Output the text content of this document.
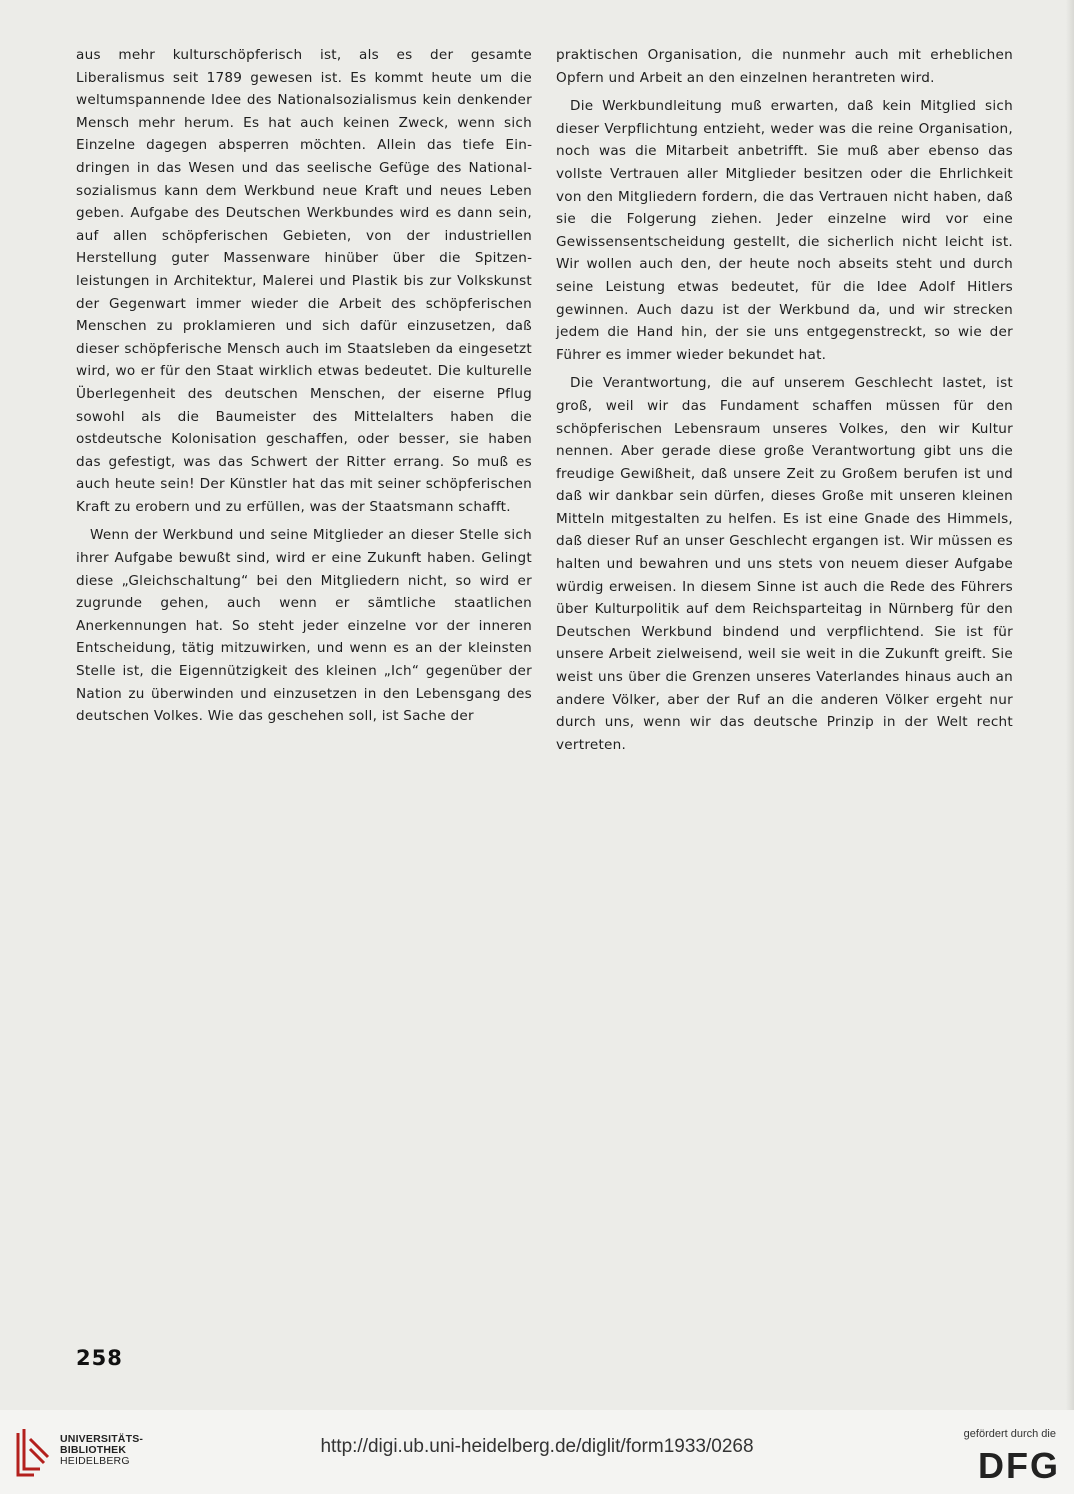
aus mehr kulturschöpferisch ist, als es der gesamte Liberalismus seit 1789 gewesen ist. Es kommt heute um die weltumspannende Idee des Nationalsozialismus kein denkender Mensch mehr herum. Es hat auch keinen Zweck, wenn sich Einzelne dagegen absperren möchten. Allein das tiefe Eindringen in das Wesen und das seelische Gefüge des Nationalsozialismus kann dem Werkbund neue Kraft und neues Leben geben. Aufgabe des Deutschen Werkbundes wird es dann sein, auf allen schöpferischen Gebieten, von der industriellen Herstellung guter Massenware hinüber über die Spitzenleistungen in Architektur, Malerei und Plastik bis zur Volkskunst der Gegenwart immer wieder die Arbeit des schöpferischen Menschen zu proklamieren und sich dafür einzusetzen, daß dieser schöpferische Mensch auch im Staatsleben da eingesetzt wird, wo er für den Staat wirklich etwas bedeutet. Die kulturelle Überlegenheit des deutschen Menschen, der eiserne Pflug sowohl als die Baumeister des Mittelalters haben die ostdeutsche Kolonisation geschaffen, oder besser, sie haben das gefestigt, was das Schwert der Ritter errang. So muß es auch heute sein! Der Künstler hat das mit seiner schöpferischen Kraft zu erobern und zu erfüllen, was der Staatsmann schafft.

Wenn der Werkbund und seine Mitglieder an dieser Stelle sich ihrer Aufgabe bewußt sind, wird er eine Zukunft haben. Gelingt diese „Gleichschaltung“ bei den Mitgliedern nicht, so wird er zugrunde gehen, auch wenn er sämtliche staatlichen Anerkennungen hat. So steht jeder einzelne vor der inneren Entscheidung, tätig mitzuwirken, und wenn es an der kleinsten Stelle ist, die Eigennützigkeit des kleinen „Ich“ gegenüber der Nation zu überwinden und einzusetzen in den Lebensgang des deutschen Volkes. Wie das geschehen soll, ist Sache der

praktischen Organisation, die nunmehr auch mit erheblichen Opfern und Arbeit an den einzelnen herantreten wird.

Die Werkbundleitung muß erwarten, daß kein Mitglied sich dieser Verpflichtung entzieht, weder was die reine Organisation, noch was die Mitarbeit anbetrifft. Sie muß aber ebenso das vollste Vertrauen aller Mitglieder besitzen oder die Ehrlichkeit von den Mitgliedern fordern, die das Vertrauen nicht haben, daß sie die Folgerung ziehen. Jeder einzelne wird vor eine Gewissensentscheidung gestellt, die sicherlich nicht leicht ist. Wir wollen auch den, der heute noch abseits steht und durch seine Leistung etwas bedeutet, für die Idee Adolf Hitlers gewinnen. Auch dazu ist der Werkbund da, und wir strecken jedem die Hand hin, der sie uns entgegenstreckt, so wie der Führer es immer wieder bekundet hat.

Die Verantwortung, die auf unserem Geschlecht lastet, ist groß, weil wir das Fundament schaffen müssen für den schöpferischen Lebensraum unseres Volkes, den wir Kultur nennen. Aber gerade diese große Verantwortung gibt uns die freudige Gewißheit, daß unsere Zeit zu Großem berufen ist und daß wir dankbar sein dürfen, dieses Große mit unseren kleinen Mitteln mitgestalten zu helfen. Es ist eine Gnade des Himmels, daß dieser Ruf an unser Geschlecht ergangen ist. Wir müssen es halten und bewahren und uns stets von neuem dieser Aufgabe würdig erweisen. In diesem Sinne ist auch die Rede des Führers über Kulturpolitik auf dem Reichsparteitag in Nürnberg für den Deutschen Werkbund bindend und verpflichtend. Sie ist für unsere Arbeit zielweisend, weil sie weit in die Zukunft greift. Sie weist uns über die Grenzen unseres Vaterlandes hinaus auch an andere Völker, aber der Ruf an die anderen Völker ergeht nur durch uns, wenn wir das deutsche Prinzip in der Welt recht vertreten.

258
UNIVERSITÄTS-
BIBLIOTHEK
HEIDELBERG
http://digi.ub.uni-heidelberg.de/diglit/form1933/0268
gefördert durch die
DFG
